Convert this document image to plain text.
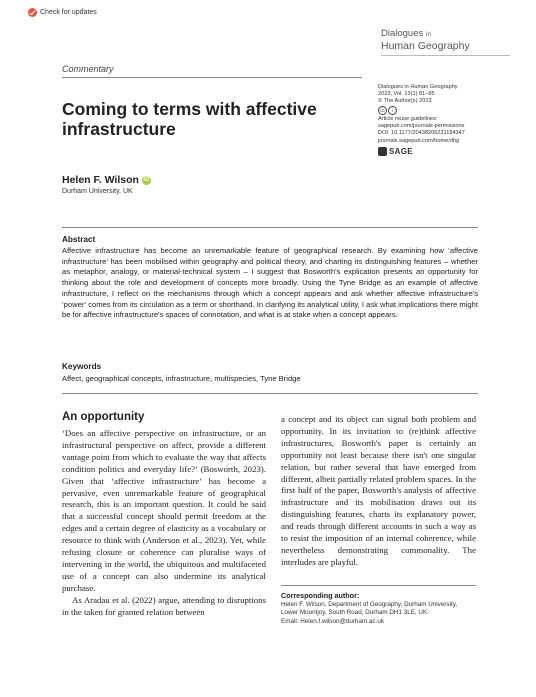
Check for updates
Dialogues in
Human Geography
Commentary
Coming to terms with affective infrastructure
Dialogues in Human Geography
2023, Vol. 13(1) 81–85
© The Author(s) 2023
cc	i
Article reuse guidelines:
sagepub.com/journals-permissions
DOI: 10.1177/20438206231154347
journals.sagepub.com/home/dhg
SAGE
Helen F. Wilson iD
Durham University, UK
Abstract
Affective infrastructure has become an unremarkable feature of geographical research. By examining how ‘affective infrastructure’ has been mobilised within geography and political theory, and charting its distinguishing features – whether as metaphor, analogy, or material-technical system – I suggest that Bosworth's explication presents an opportunity for thinking about the role and development of concepts more broadly. Using the Tyne Bridge as an example of affective infrastructure, I reflect on the mechanisms through which a concept appears and ask whether affective infrastructure's ‘power’ comes from its circulation as a term or shorthand. In clarifying its analytical utility, I ask what implications there might be for affective infrastructure's spaces of connotation, and what is at stake when a concept appears.
Keywords
Affect, geographical concepts, infrastructure, multispecies, Tyne Bridge
An opportunity

‘Does an affective perspective on infrastructure, or an infrastructural perspective on affect, provide a different vantage point from which to evaluate the way that affects condition politics and everyday life?’ (Bosworth, 2023). Given that ‘affective infrastructure’ has become a pervasive, even unremarkable feature of geographical research, this is an important question. It could be said that a successful concept should permit freedom at the edges and a certain degree of elasticity as a vocabulary or resource to think with (Anderson et al., 2023). Yet, while refusing closure or coherence can pluralise ways of intervening in the world, the ubiquitous and multifaceted use of a concept can also undermine its analytical purchase.

As Aradau et al. (2022) argue, attending to disruptions in the taken for granted relation between

a concept and its object can signal both problem and opportunity. In its invitation to (re)think affective infrastructures, Bosworth's paper is certainly an opportunity not least because there isn't one singular relation, but rather several that have emerged from different, albeit partially related problem spaces. In the first half of the paper, Bosworth's analysis of affective infrastructure and its mobilisation draws out its distinguishing features, charts its explanatory power, and reads through different accounts in such a way as to resist the imposition of an internal coherence, while nevertheless demonstrating commonality. The interludes are playful.

Corresponding author:
Helen F. Wilson, Department of Geography, Durham University,
Lower Mountjoy, South Road, Durham DH1 3LE, UK.
Email: Helen.f.wilson@durham.ac.uk
